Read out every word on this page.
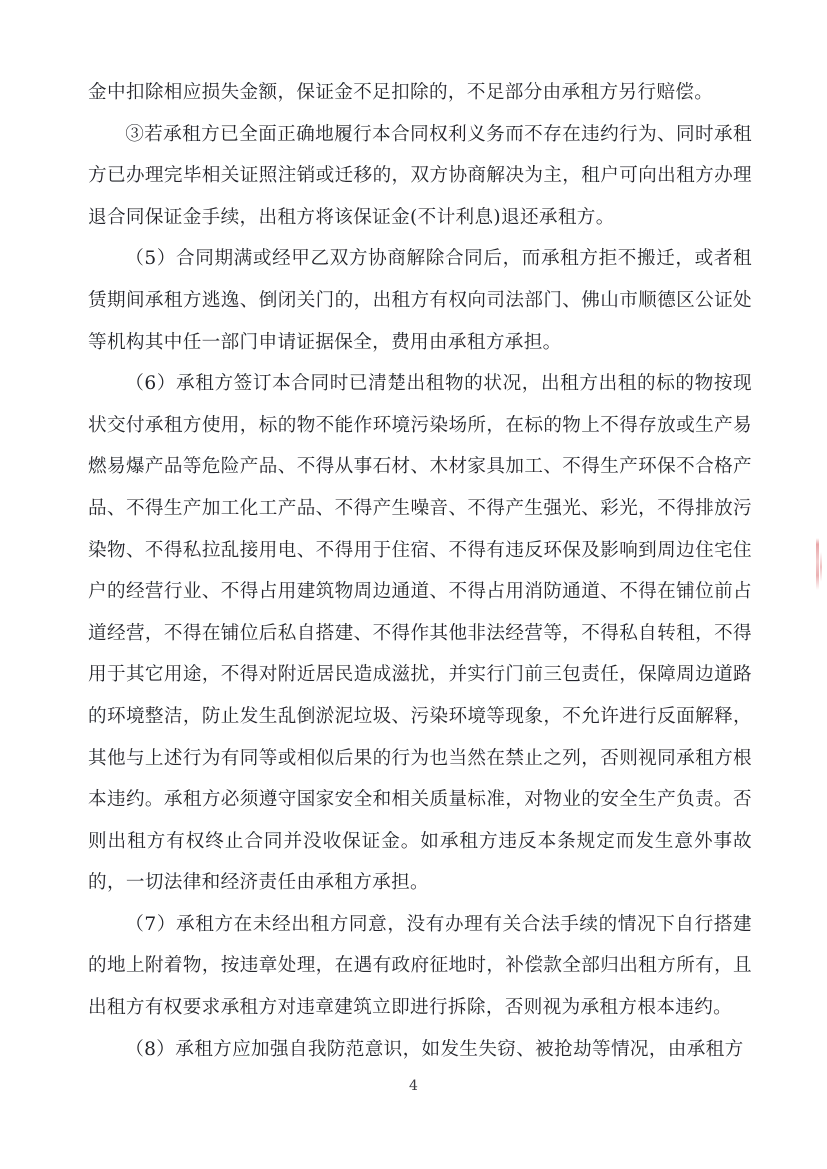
金中扣除相应损失金额，保证金不足扣除的，不足部分由承租方另行赔偿。

③若承租方已全面正确地履行本合同权利义务而不存在违约行为、同时承租方已办理完毕相关证照注销或迁移的，双方协商解决为主，租户可向出租方办理退合同保证金手续，出租方将该保证金(不计利息)退还承租方。

（5）合同期满或经甲乙双方协商解除合同后，而承租方拒不搬迁，或者租赁期间承租方逃逸、倒闭关门的，出租方有权向司法部门、佛山市顺德区公证处等机构其中任一部门申请证据保全，费用由承租方承担。

（6）承租方签订本合同时已清楚出租物的状况，出租方出租的标的物按现状交付承租方使用，标的物不能作环境污染场所，在标的物上不得存放或生产易燃易爆产品等危险产品、不得从事石材、木材家具加工、不得生产环保不合格产品、不得生产加工化工产品、不得产生噪音、不得产生强光、彩光，不得排放污染物、不得私拉乱接用电、不得用于住宿、不得有违反环保及影响到周边住宅住户的经营行业、不得占用建筑物周边通道、不得占用消防通道、不得在铺位前占道经营，不得在铺位后私自搭建、不得作其他非法经营等，不得私自转租，不得用于其它用途，不得对附近居民造成滋扰，并实行门前三包责任，保障周边道路的环境整洁，防止发生乱倒淤泥垃圾、污染环境等现象，不允许进行反面解释，其他与上述行为有同等或相似后果的行为也当然在禁止之列，否则视同承租方根本违约。承租方必须遵守国家安全和相关质量标准，对物业的安全生产负责。否则出租方有权终止合同并没收保证金。如承租方违反本条规定而发生意外事故的，一切法律和经济责任由承租方承担。

（7）承租方在未经出租方同意，没有办理有关合法手续的情况下自行搭建的地上附着物，按违章处理，在遇有政府征地时，补偿款全部归出租方所有，且出租方有权要求承租方对违章建筑立即进行拆除，否则视为承租方根本违约。

（8）承租方应加强自我防范意识，如发生失窃、被抢劫等情况，由承租方

4
